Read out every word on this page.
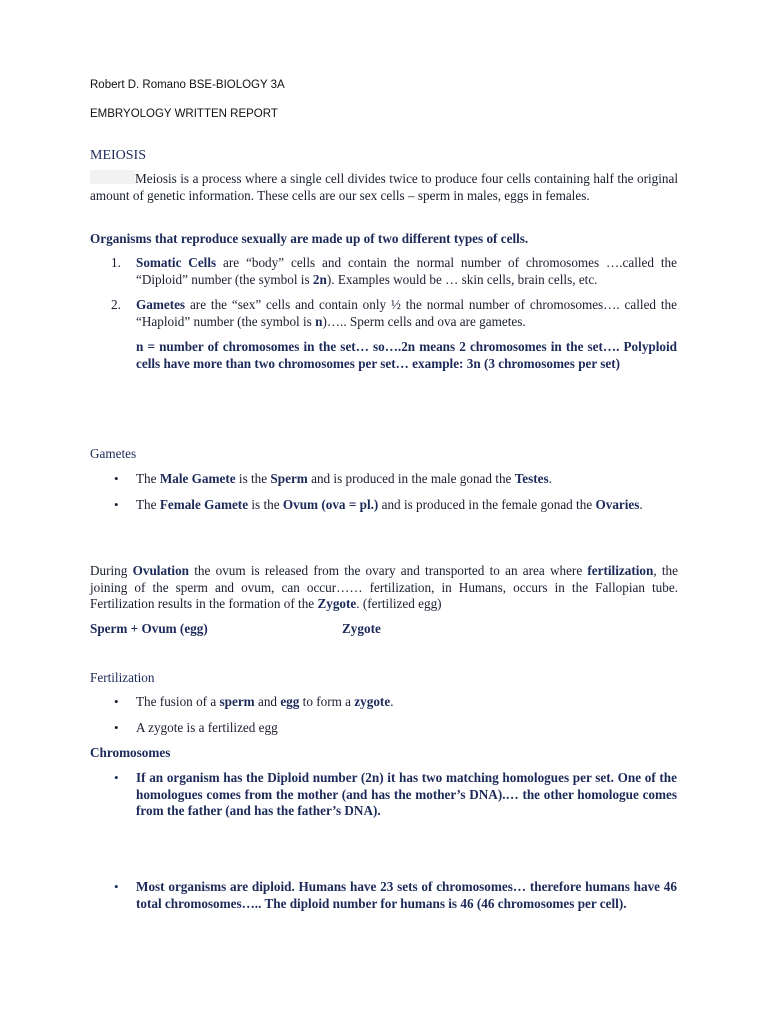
Robert D. Romano BSE-BIOLOGY 3A
EMBRYOLOGY WRITTEN REPORT
MEIOSIS
Meiosis is a process where a single cell divides twice to produce four cells containing half the original amount of genetic information. These cells are our sex cells – sperm in males, eggs in females.
Organisms that reproduce sexually are made up of two different types of cells.
1. Somatic Cells are “body” cells and contain the normal number of chromosomes ….called the “Diploid” number (the symbol is 2n). Examples would be … skin cells, brain cells, etc.
2. Gametes are the “sex” cells and contain only ½ the normal number of chromosomes…. called the “Haploid” number (the symbol is n)….. Sperm cells and ova are gametes.
n = number of chromosomes in the set… so….2n means 2 chromosomes in the set…. Polyploid cells have more than two chromosomes per set… example: 3n (3 chromosomes per set)
Gametes
• The Male Gamete is the Sperm and is produced in the male gonad the Testes.
• The Female Gamete is the Ovum (ova = pl.) and is produced in the female gonad the Ovaries.
During Ovulation the ovum is released from the ovary and transported to an area where fertilization, the joining of the sperm and ovum, can occur…… fertilization, in Humans, occurs in the Fallopian tube. Fertilization results in the formation of the Zygote. (fertilized egg)
Sperm + Ovum (egg)	Zygote
Fertilization
• The fusion of a sperm and egg to form a zygote.
• A zygote is a fertilized egg
Chromosomes
• If an organism has the Diploid number (2n) it has two matching homologues per set. One of the homologues comes from the mother (and has the mother’s DNA).… the other homologue comes from the father (and has the father’s DNA).
• Most organisms are diploid. Humans have 23 sets of chromosomes… therefore humans have 46 total chromosomes….. The diploid number for humans is 46 (46 chromosomes per cell).
